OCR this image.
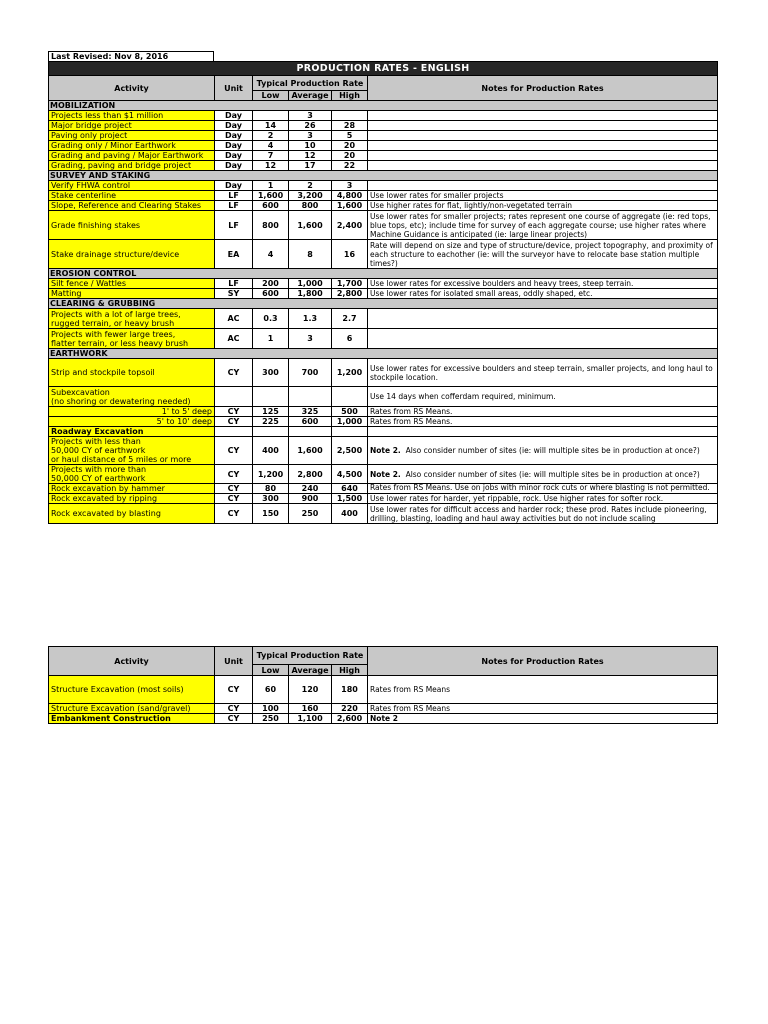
Last Revised: Nov 8, 2016
PRODUCTION RATES - ENGLISH					
Activity	Unit	Typical Production Rate			Notes for Production Rates
		Low	Average	High	
MOBILIZATION					
Projects less than $1 million	Day		3		
Major bridge project	Day	14	26	28	
Paving only project	Day	2	3	5	
Grading only / Minor Earthwork	Day	4	10	20	
Grading and paving / Major Earthwork	Day	7	12	20	
Grading, paving and bridge project	Day	12	17	22	
SURVEY AND STAKING					
Verify FHWA control	Day	1	2	3	
Stake centerline	LF	1,600	3,200	4,800	Use lower rates for smaller projects
Slope, Reference and Clearing Stakes	LF	600	800	1,600	Use higher rates for flat, lightly/non-vegetated terrain
Grade finishing stakes	LF	800	1,600	2,400	Use lower rates for smaller projects; rates represent one course of aggregate (ie: red tops, blue tops, etc); include time for survey of each aggregate course; use higher rates where Machine Guidance is anticipated (ie: large linear projects)
Stake drainage structure/device	EA	4	8	16	Rate will depend on size and type of structure/device, project topography, and proximity of each structure to eachother (ie: will the surveyor have to relocate base station multiple times?)
EROSION CONTROL					
Silt fence / Wattles	LF	200	1,000	1,700	Use lower rates for excessive boulders and heavy trees, steep terrain.
Matting	SY	600	1,800	2,800	Use lower rates for isolated small areas, oddly shaped, etc.
CLEARING & GRUBBING					

Projects with a lot of large trees,
rugged terrain, or heavy brush	AC	0.3	1.3	2.7	

Projects with fewer large trees,
flatter terrain, or less heavy brush	AC	1	3	6	
EARTHWORK					
Strip and stockpile topsoil	CY	300	700	1,200	Use lower rates for excessive boulders and steep terrain, smaller projects, and long haul to stockpile location.

Subexcavation
(no shoring or dewatering needed)					Use 14 days when cofferdam required, minimum.
1' to 5' deep	CY	125	325	500	Rates from RS Means.
5' to 10' deep	CY	225	600	1,000	Rates from RS Means.
Roadway Excavation					

Projects with less than
50,000 CY of earthwork
or haul distance of 5 miles or more	CY	400	1,600	2,500	Note 2. Also consider number of sites (ie: will multiple sites be in production at once?)

Projects with more than
50,000 CY of earthwork	CY	1,200	2,800	4,500	Note 2. Also consider number of sites (ie: will multiple sites be in production at once?)
Rock excavation by hammer	CY	80	240	640	Rates from RS Means. Use on jobs with minor rock cuts or where blasting is not permitted.

Rock excavated by ripping	CY	300	900	1,500	Use lower rates for harder, yet rippable, rock. Use higher rates for softer rock.
Rock excavated by blasting	CY	150	250	400	Use lower rates for difficult access and harder rock; these prod. Rates include pioneering, drilling, blasting, loading and haul away activities but do not include scaling
Activity	Unit	Typical Production Rate			Notes for Production Rates
		Low	Average	High	
Structure Excavation (most soils)	CY	60	120	180	Rates from RS Means
Structure Excavation (sand/gravel)	CY	100	160	220	Rates from RS Means
Embankment Construction	CY	250	1,100	2,600	Note 2
